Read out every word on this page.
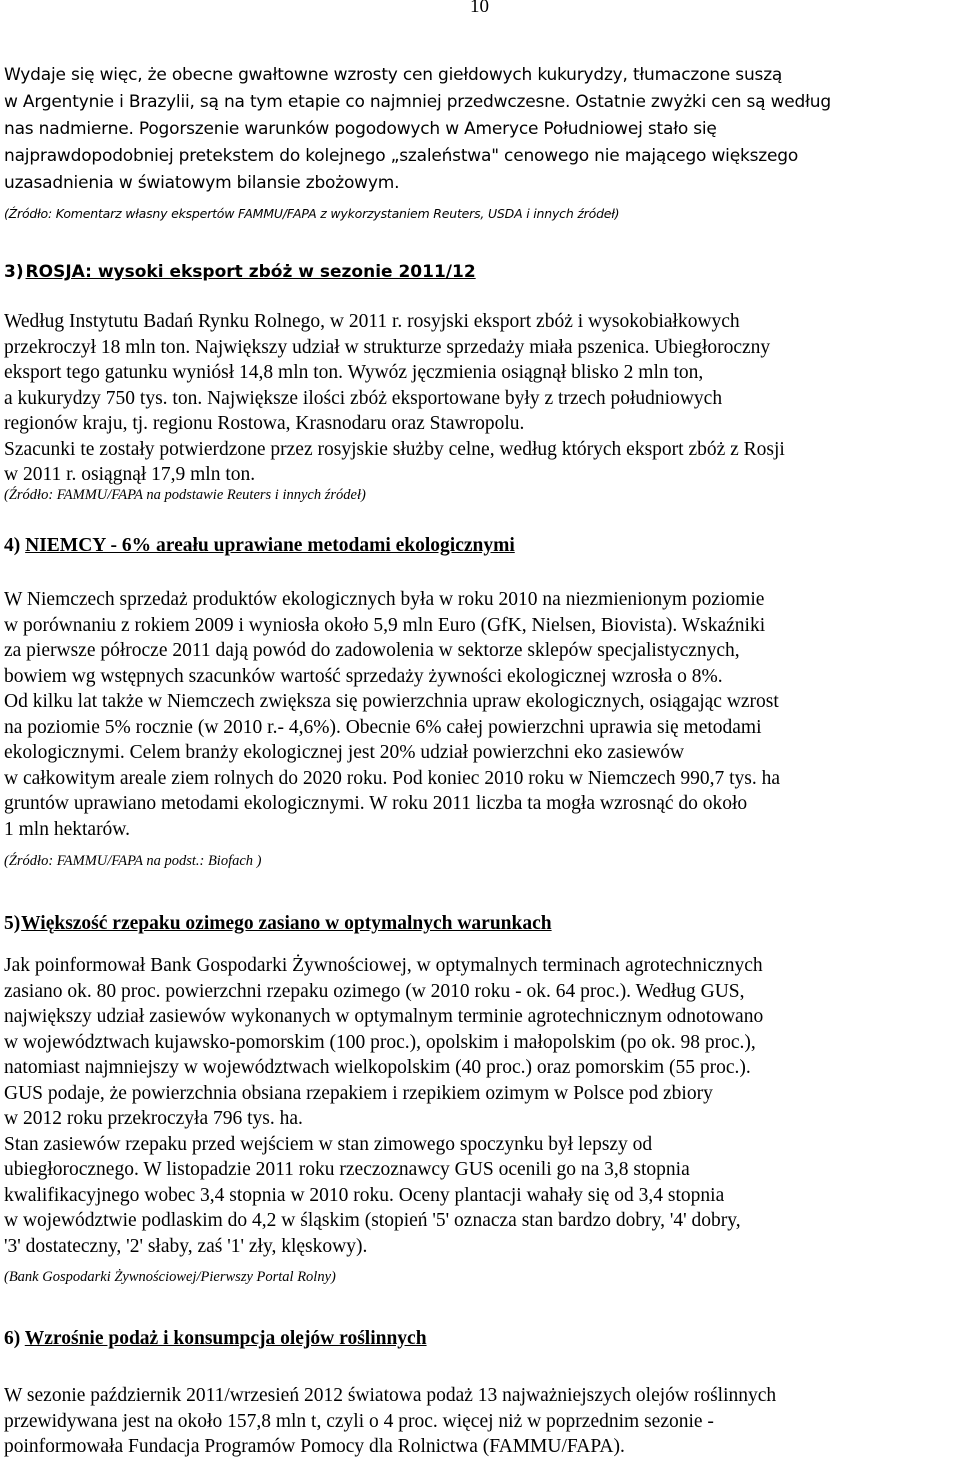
10

Wydaje się więc, że obecne gwałtowne wzrosty cen giełdowych kukurydzy, tłumaczone suszą

w Argentynie i Brazylii, są na tym etapie co najmniej przedwczesne. Ostatnie zwyżki cen są według

nas nadmierne. Pogorszenie warunków pogodowych w Ameryce Południowej stało się

najprawdopodobniej pretekstem do kolejnego „szaleństwa" cenowego nie mającego większego

uzasadnienia w światowym bilansie zbożowym.

(Źródło: Komentarz własny ekspertów FAMMU/FAPA z wykorzystaniem Reuters, USDA i innych źródeł)
3) ROSJA: wysoki eksport zbóż w sezonie 2011/12

Według Instytutu Badań Rynku Rolnego, w 2011 r. rosyjski eksport zbóż i wysokobiałkowych

przekroczył 18 mln ton. Największy udział w strukturze sprzedaży miała pszenica. Ubiegłoroczny

eksport tego gatunku wyniósł 14,8 mln ton. Wywóz jęczmienia osiągnął blisko 2 mln ton,

a kukurydzy 750 tys. ton. Największe ilości zbóż eksportowane były z trzech południowych

regionów kraju, tj. regionu Rostowa, Krasnodaru oraz Stawropolu.

Szacunki te zostały potwierdzone przez rosyjskie służby celne, według których eksport zbóż z Rosji

w 2011 r. osiągnął 17,9 mln ton.

(Źródło: FAMMU/FAPA na podstawie Reuters i innych źródeł)
4) NIEMCY - 6% areału uprawiane metodami ekologicznymi

W Niemczech sprzedaż produktów ekologicznych była w roku 2010 na niezmienionym poziomie

w porównaniu z rokiem 2009 i wyniosła około 5,9 mln Euro (GfK, Nielsen, Biovista). Wskaźniki

za pierwsze półrocze 2011 dają powód do zadowolenia w sektorze sklepów specjalistycznych,

bowiem wg wstępnych szacunków wartość sprzedaży żywności ekologicznej wzrosła o 8%.

Od kilku lat także w Niemczech zwiększa się powierzchnia upraw ekologicznych, osiągając wzrost

na poziomie 5% rocznie (w 2010 r.- 4,6%). Obecnie 6% całej powierzchni uprawia się metodami

ekologicznymi. Celem branży ekologicznej jest 20% udział powierzchni eko zasiewów

w całkowitym areale ziem rolnych do 2020 roku. Pod koniec 2010 roku w Niemczech 990,7 tys. ha

gruntów uprawiano metodami ekologicznymi. W roku 2011 liczba ta mogła wzrosnąć do około

1 mln hektarów.

(Źródło: FAMMU/FAPA na podst.: Biofach )
5) Większość rzepaku ozimego zasiano w optymalnych warunkach

Jak poinformował Bank Gospodarki Żywnościowej, w optymalnych terminach agrotechnicznych

zasiano ok. 80 proc. powierzchni rzepaku ozimego (w 2010 roku - ok. 64 proc.). Według GUS,

największy udział zasiewów wykonanych w optymalnym terminie agrotechnicznym odnotowano

w województwach kujawsko-pomorskim (100 proc.), opolskim i małopolskim (po ok. 98 proc.),

natomiast najmniejszy w województwach wielkopolskim (40 proc.) oraz pomorskim (55 proc.).

GUS podaje, że powierzchnia obsiana rzepakiem i rzepikiem ozimym w Polsce pod zbiory

w 2012 roku przekroczyła 796 tys. ha.

Stan zasiewów rzepaku przed wejściem w stan zimowego spoczynku był lepszy od

ubiegłorocznego. W listopadzie 2011 roku rzeczoznawcy GUS ocenili go na 3,8 stopnia

kwalifikacyjnego wobec 3,4 stopnia w 2010 roku. Oceny plantacji wahały się od 3,4 stopnia

w województwie podlaskim do 4,2 w śląskim (stopień '5' oznacza stan bardzo dobry, '4' dobry,

'3' dostateczny, '2' słaby, zaś '1' zły, klęskowy).

(Bank Gospodarki Żywnościowej/Pierwszy Portal Rolny)
6) Wzrośnie podaż i konsumpcja olejów roślinnych

W sezonie październik 2011/wrzesień 2012 światowa podaż 13 najważniejszych olejów roślinnych

przewidywana jest na około 157,8 mln t, czyli o 4 proc. więcej niż w poprzednim sezonie -

poinformowała Fundacja Programów Pomocy dla Rolnictwa (FAMMU/FAPA).
